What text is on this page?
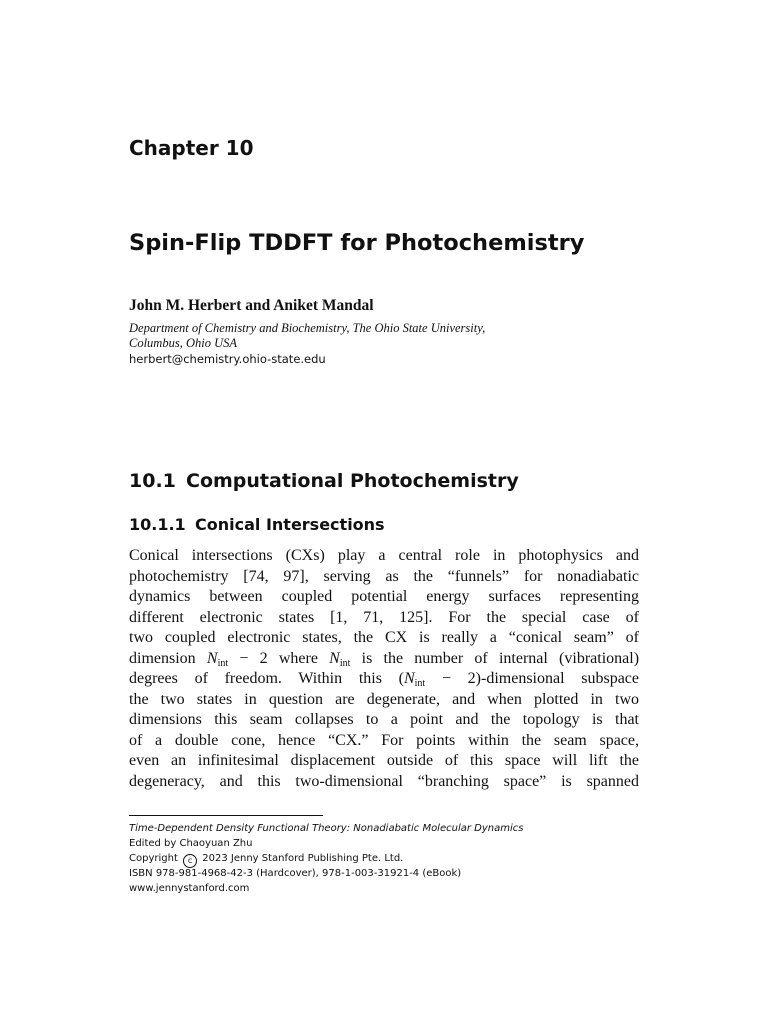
Chapter 10
Spin-Flip TDDFT for Photochemistry
John M. Herbert and Aniket Mandal
Department of Chemistry and Biochemistry, The Ohio State University,
Columbus, Ohio USA
herbert@chemistry.ohio-state.edu
10.1 Computational Photochemistry
10.1.1 Conical Intersections
Conical intersections (CXs) play a central role in photophysics and
photochemistry [74, 97], serving as the “funnels” for nonadiabatic
dynamics between coupled potential energy surfaces representing
different electronic states [1, 71, 125]. For the special case of
two coupled electronic states, the CX is really a “conical seam” of
dimension $N_{int} - 2$ where $N_{int}$ is the number of internal (vibrational)
degrees of freedom. Within this ($N_{int}$ − 2)-dimensional subspace
the two states in question are degenerate, and when plotted in two
dimensions this seam collapses to a point and the topology is that
of a double cone, hence “CX.” For points within the seam space,
even an infinitesimal displacement outside of this space will lift the
degeneracy, and this two-dimensional “branching space” is spanned
Time-Dependent Density Functional Theory: Nonadiabatic Molecular Dynamics
Edited by Chaoyuan Zhu
Copyright c 2023 Jenny Stanford Publishing Pte. Ltd.
ISBN 978-981-4968-42-3 (Hardcover), 978-1-003-31921-4 (eBook)
www.jennystanford.com
